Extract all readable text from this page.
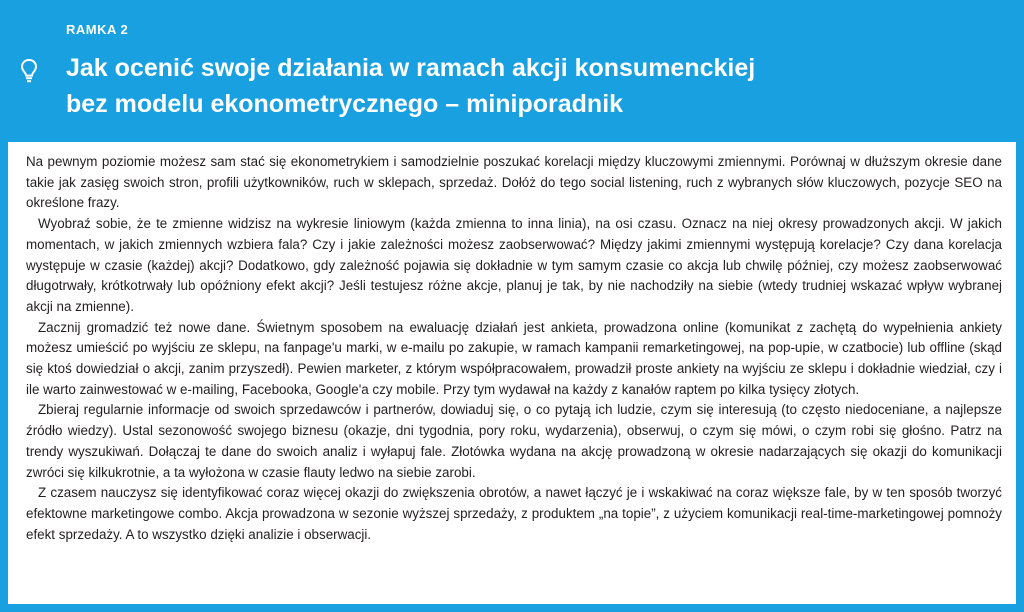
RAMKA 2
Jak ocenić swoje działania w ramach akcji konsumenckiej
bez modelu ekonometrycznego – miniporadnik

Na pewnym poziomie możesz sam stać się ekonometrykiem i samodzielnie poszukać korelacji między kluczowymi zmiennymi. Porównaj w dłuższym okresie dane takie jak zasięg swoich stron, profili użytkowników, ruch w sklepach, sprzedaż. Dołóż do tego social listening, ruch z wybranych słów kluczowych, pozycje SEO na określone frazy.

Wyobraź sobie, że te zmienne widzisz na wykresie liniowym (każda zmienna to inna linia), na osi czasu. Oznacz na niej okresy prowadzonych akcji. W jakich momentach, w jakich zmiennych wzbiera fala? Czy i jakie zależności możesz zaobserwować? Między jakimi zmiennymi występują korelacje? Czy dana korelacja występuje w czasie (każdej) akcji? Dodatkowo, gdy zależność pojawia się dokładnie w tym samym czasie co akcja lub chwilę później, czy możesz zaobserwować długotrwały, krótkotrwały lub opóźniony efekt akcji? Jeśli testujesz różne akcje, planuj je tak, by nie nachodziły na siebie (wtedy trudniej wskazać wpływ wybranej akcji na zmienne).

Zacznij gromadzić też nowe dane. Świetnym sposobem na ewaluację działań jest ankieta, prowadzona online (komunikat z zachętą do wypełnienia ankiety możesz umieścić po wyjściu ze sklepu, na fanpage'u marki, w e-mailu po zakupie, w ramach kampanii remarketingowej, na pop-upie, w czatbocie) lub offline (skąd się ktoś dowiedział o akcji, zanim przyszedł). Pewien marketer, z którym współpracowałem, prowadził proste ankiety na wyjściu ze sklepu i dokładnie wiedział, czy i ile warto zainwestować w e-mailing, Facebooka, Google'a czy mobile. Przy tym wydawał na każdy z kanałów raptem po kilka tysięcy złotych.

Zbieraj regularnie informacje od swoich sprzedawców i partnerów, dowiaduj się, o co pytają ich ludzie, czym się interesują (to często niedoceniane, a najlepsze źródło wiedzy). Ustal sezonowość swojego biznesu (okazje, dni tygodnia, pory roku, wydarzenia), obserwuj, o czym się mówi, o czym robi się głośno. Patrz na trendy wyszukiwań. Dołączaj te dane do swoich analiz i wyłapuj fale. Złotówka wydana na akcję prowadzoną w okresie nadarzających się okazji do komunikacji zwróci się kilkukrotnie, a ta wyłożona w czasie flauty ledwo na siebie zarobi.

Z czasem nauczysz się identyfikować coraz więcej okazji do zwiększenia obrotów, a nawet łączyć je i wskakiwać na coraz większe fale, by w ten sposób tworzyć efektowne marketingowe combo. Akcja prowadzona w sezonie wyższej sprzedaży, z produktem „na topie”, z użyciem komunikacji real-time-marketingowej pomnoży efekt sprzedaży. A to wszystko dzięki analizie i obserwacji.
